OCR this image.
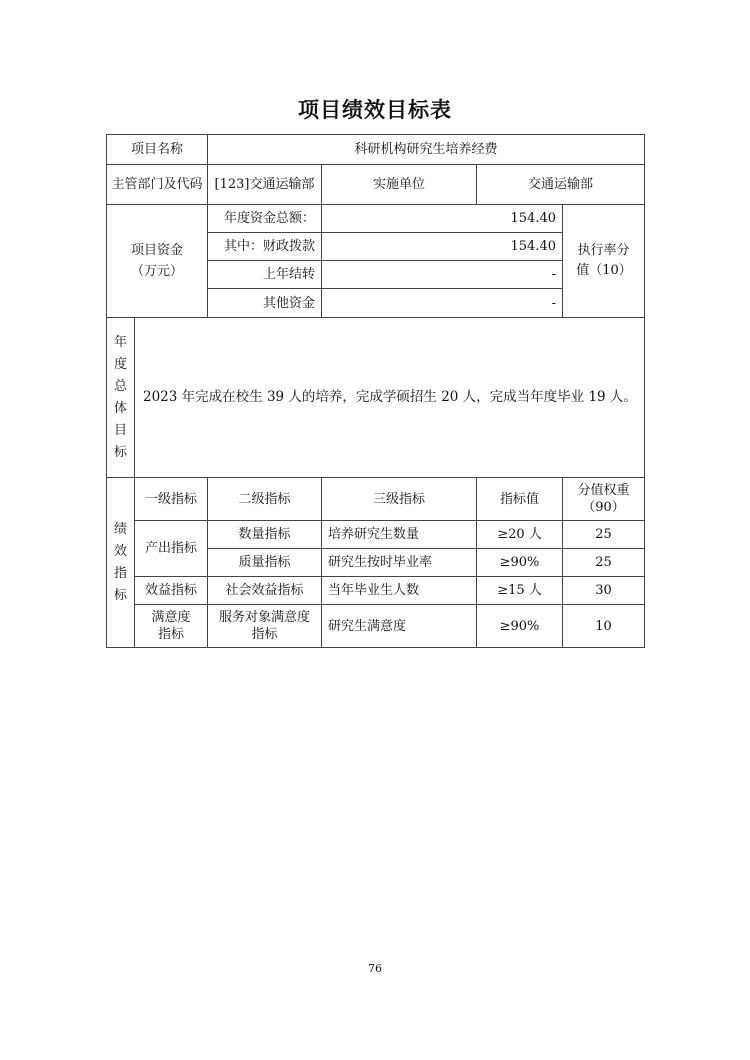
项目绩效目标表
项目名称		科研机构研究生培养经费			
主管部门及代码		[123]交通运输部	实施单位	交通运输部	

项目资金（万元）		年度资金总额：	154.40		执行率分值（10）

		其中：财政拨款	154.40		
		上年结转	-		
		其他资金	-		

年度总体目标	2023 年完成在校生 39 人的培养，完成学硕招生 20 人，完成当年度毕业 19 人。				

绩效指标	一级指标	二级指标	三级指标	指标值	分值权重（90）

	产出指标	数量指标	培养研究生数量	≥20 人	25
		质量指标	研究生按时毕业率	≥90%	25
	效益指标	社会效益指标	当年毕业生人数	≥15 人	30

	满意度指标	服务对象满意度指标	研究生满意度	≥90%	10
76
